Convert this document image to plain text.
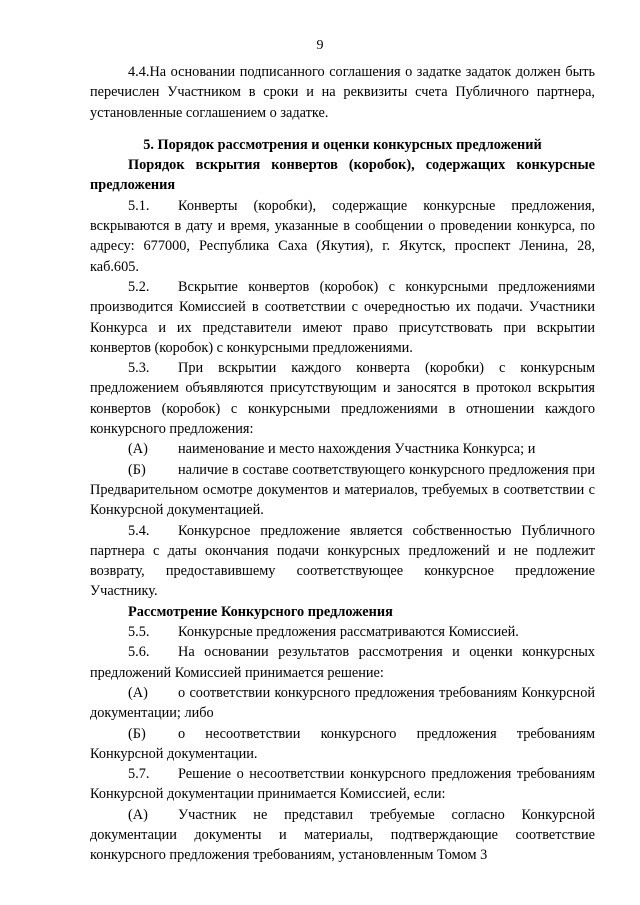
9

4.4.На основании подписанного соглашения о задатке задаток должен быть перечислен Участником в сроки и на реквизиты счета Публичного партнера, установленные соглашением о задатке.

5. Порядок рассмотрения и оценки конкурсных предложений

Порядок вскрытия конвертов (коробок), содержащих конкурсные предложения

5.1. Конверты (коробки), содержащие конкурсные предложения, вскрываются в дату и время, указанные в сообщении о проведении конкурса, по адресу: 677000, Республика Саха (Якутия), г. Якутск, проспект Ленина, 28, каб.605.

5.2. Вскрытие конвертов (коробок) с конкурсными предложениями производится Комиссией в соответствии с очередностью их подачи. Участники Конкурса и их представители имеют право присутствовать при вскрытии конвертов (коробок) с конкурсными предложениями.

5.3. При вскрытии каждого конверта (коробки) с конкурсным предложением объявляются присутствующим и заносятся в протокол вскрытия конвертов (коробок) с конкурсными предложениями в отношении каждого конкурсного предложения:

(А) наименование и место нахождения Участника Конкурса; и

(Б) наличие в составе соответствующего конкурсного предложения при Предварительном осмотре документов и материалов, требуемых в соответствии с Конкурсной документацией.

5.4. Конкурсное предложение является собственностью Публичного партнера с даты окончания подачи конкурсных предложений и не подлежит возврату, предоставившему соответствующее конкурсное предложение Участнику.

Рассмотрение Конкурсного предложения

5.5. Конкурсные предложения рассматриваются Комиссией.

5.6. На основании результатов рассмотрения и оценки конкурсных предложений Комиссией принимается решение:

(А) о соответствии конкурсного предложения требованиям Конкурсной документации; либо

(Б) о несоответствии конкурсного предложения требованиям Конкурсной документации.

5.7. Решение о несоответствии конкурсного предложения требованиям Конкурсной документации принимается Комиссией, если:

(А) Участник не представил требуемые согласно Конкурсной документации документы и материалы, подтверждающие соответствие конкурсного предложения требованиям, установленным Томом 3
